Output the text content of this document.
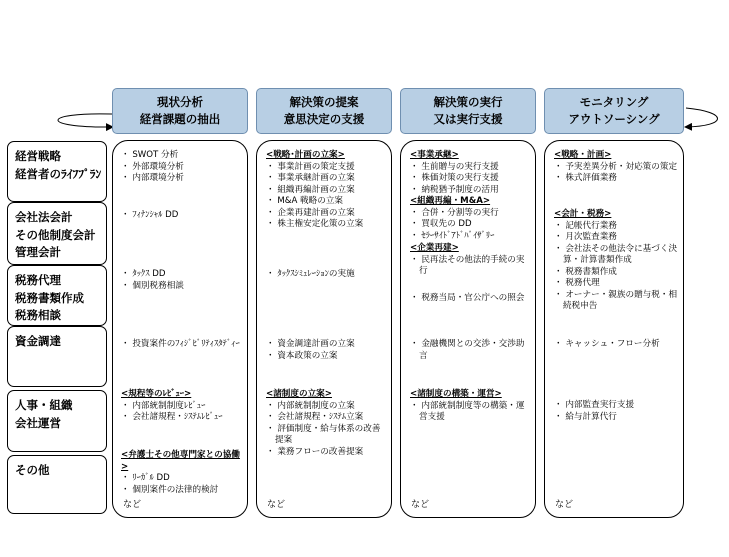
現状分析
経営課題の抽出
解決策の提案
意思決定の支援
解決策の実行
又は実行支援
モニタリング
アウトソーシング
経営戦略
経営者のﾗｲﾌﾌﾟﾗﾝ
会社法会計
その他制度会計
管理会計
税務代理
税務書類作成
税務相談
資金調達
人事・組織
会社運営
その他
・ SWOT 分析
・ 外部環境分析
・ 内部環境分析
・ ﾌｨﾅﾝｼｬﾙ DD
・ ﾀｯｸｽ DD
・ 個別税務相談
・ 投資案件のﾌｨｼﾞﾋﾞﾘﾃｨｽﾀﾃﾞｨｰ
<規程等のﾚﾋﾞｭｰ>
・ 内部統制制度ﾚﾋﾞｭｰ
・ 会社諸規程・ｼｽﾃﾑﾚﾋﾞｭｰ
<弁護士その他専門家との協働>
・ ﾘｰｶﾞﾙ DD
・ 個別案件の法律的検討
など
<戦略･計画の立案>
・ 事業計画の策定支援
・ 事業承継計画の立案
・ 組織再編計画の立案
・ M&A 戦略の立案
・ 企業再建計画の立案
・ 株主権安定化策の立案
・ ﾀｯｸｽｼﾐｭﾚｰｼｮﾝの実施
・ 資金調達計画の立案
・ 資本政策の立案
<諸制度の立案>
・ 内部統制制度の立案
・ 会社諸規程・ｼｽﾃﾑ立案
・ 評価制度・給与体系の改善提案
・ 業務フローの改善提案
など
<事業承継>
・ 生前贈与の実行支援
・ 株価対策の実行支援
・ 納税猶予制度の活用
<組織再編・M&A>
・ 合併・分割等の実行
・ 買収先の DD
・ ｾﾗｰｻｲﾄﾞｱﾄﾞﾊﾞｲｻﾞﾘｰ
<企業再建>
・ 民再法その他法的手続の実行
・ 税務当局・官公庁への照会
・ 金融機関との交渉・交渉助言
<諸制度の構築・運営>
・ 内部統制制度等の構築・運営支援
など
<戦略・計画>
・ 予実差異分析・対応策の策定
・ 株式評価業務
<会計・税務>
・ 記帳代行業務
・ 月次監査業務
・ 会社法その他法令に基づく決算・計算書類作成
・ 税務書類作成
・ 税務代理
・ オーナー・親族の贈与税・相続税申告
・ キャッシュ・フロー分析
・ 内部監査実行支援
・ 給与計算代行
など
